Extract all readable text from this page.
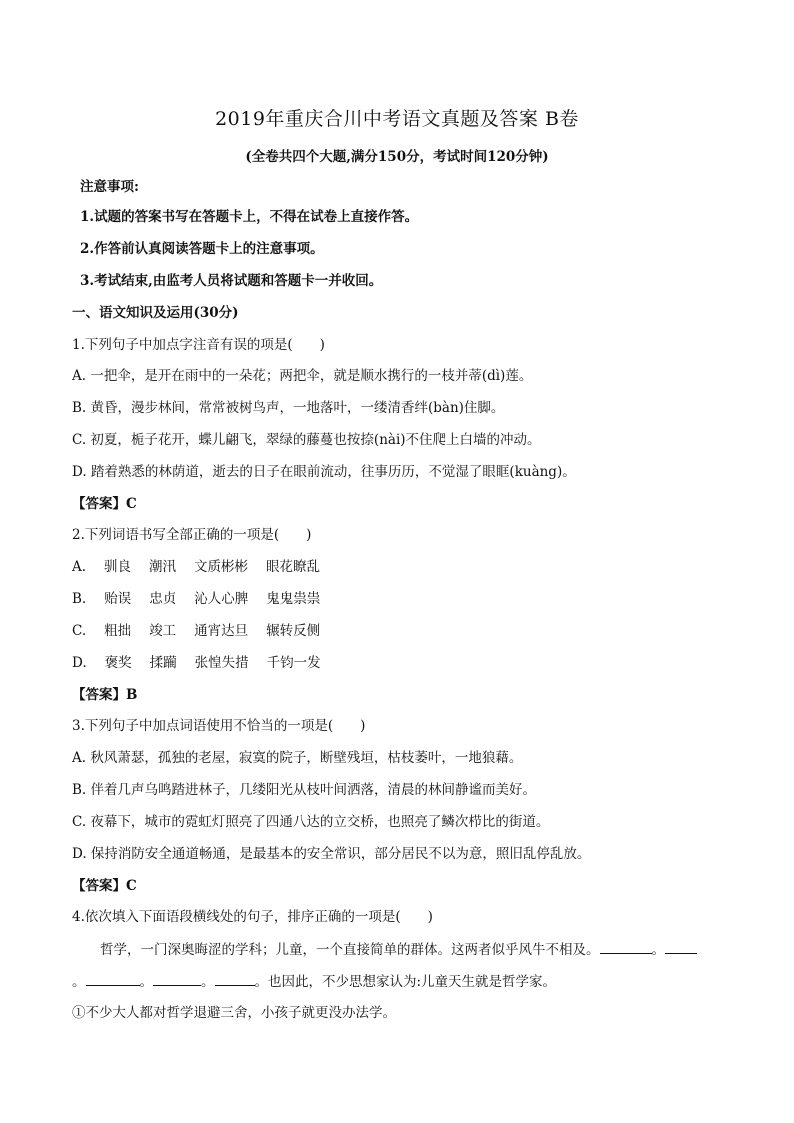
2019年重庆合川中考语文真题及答案 B卷
(全卷共四个大题,满分150分，考试时间120分钟)
注意事项:
1.试题的答案书写在答题卡上，不得在试卷上直接作答。
2.作答前认真阅读答题卡上的注意事项。
3.考试结束,由监考人员将试题和答题卡一并收回。
一、语文知识及运用(30分)
1.下列句子中加点字注音有误的项是(　　)
A. 一把伞，是开在雨中的一朵花；两把伞，就是顺水携行的一枝并蒂(dì)莲。
B. 黄昏，漫步林间，常常被树鸟声，一地落叶，一缕清香绊(bàn)住脚。
C. 初夏，栀子花开，蝶儿翩飞，翠绿的藤蔓也按捺(nài)不住爬上白墙的冲动。
D. 踏着熟悉的林荫道，逝去的日子在眼前流动，往事历历，不觉湿了眼眶(kuàng)。
【答案】C
2.下列词语书写全部正确的一项是(　　)
A. 驯良 潮汛 文质彬彬 眼花瞭乱
B. 贻误 忠贞 沁人心脾 鬼鬼祟祟
C. 粗拙 竣工 通宵达旦 辗转反侧
D. 褒奖 揉躏 张惶失措 千钧一发
【答案】B
3.下列句子中加点词语使用不恰当的一项是(　　)
A. 秋风萧瑟，孤独的老屋，寂寞的院子，断壁残垣，枯枝萎叶，一地狼藉。
B. 伴着几声乌鸣踏进林子，几缕阳光从枝叶间洒落，清晨的林间静谧而美好。
C. 夜幕下，城市的霓虹灯照亮了四通八达的立交桥，也照亮了鳞次栉比的街道。
D. 保持消防安全通道畅通，是最基本的安全常识，部分居民不以为意，照旧乱停乱放。
【答案】C
4.依次填入下面语段横线处的句子，排序正确的一项是(　　)
哲学，一门深奥晦涩的学科；儿童，一个直接简单的群体。这两者似乎风牛不相及。	。
。	。	。	。也因此，不少思想家认为:儿童天生就是哲学家。
①不少大人都对哲学退避三舍，小孩子就更没办法学。
